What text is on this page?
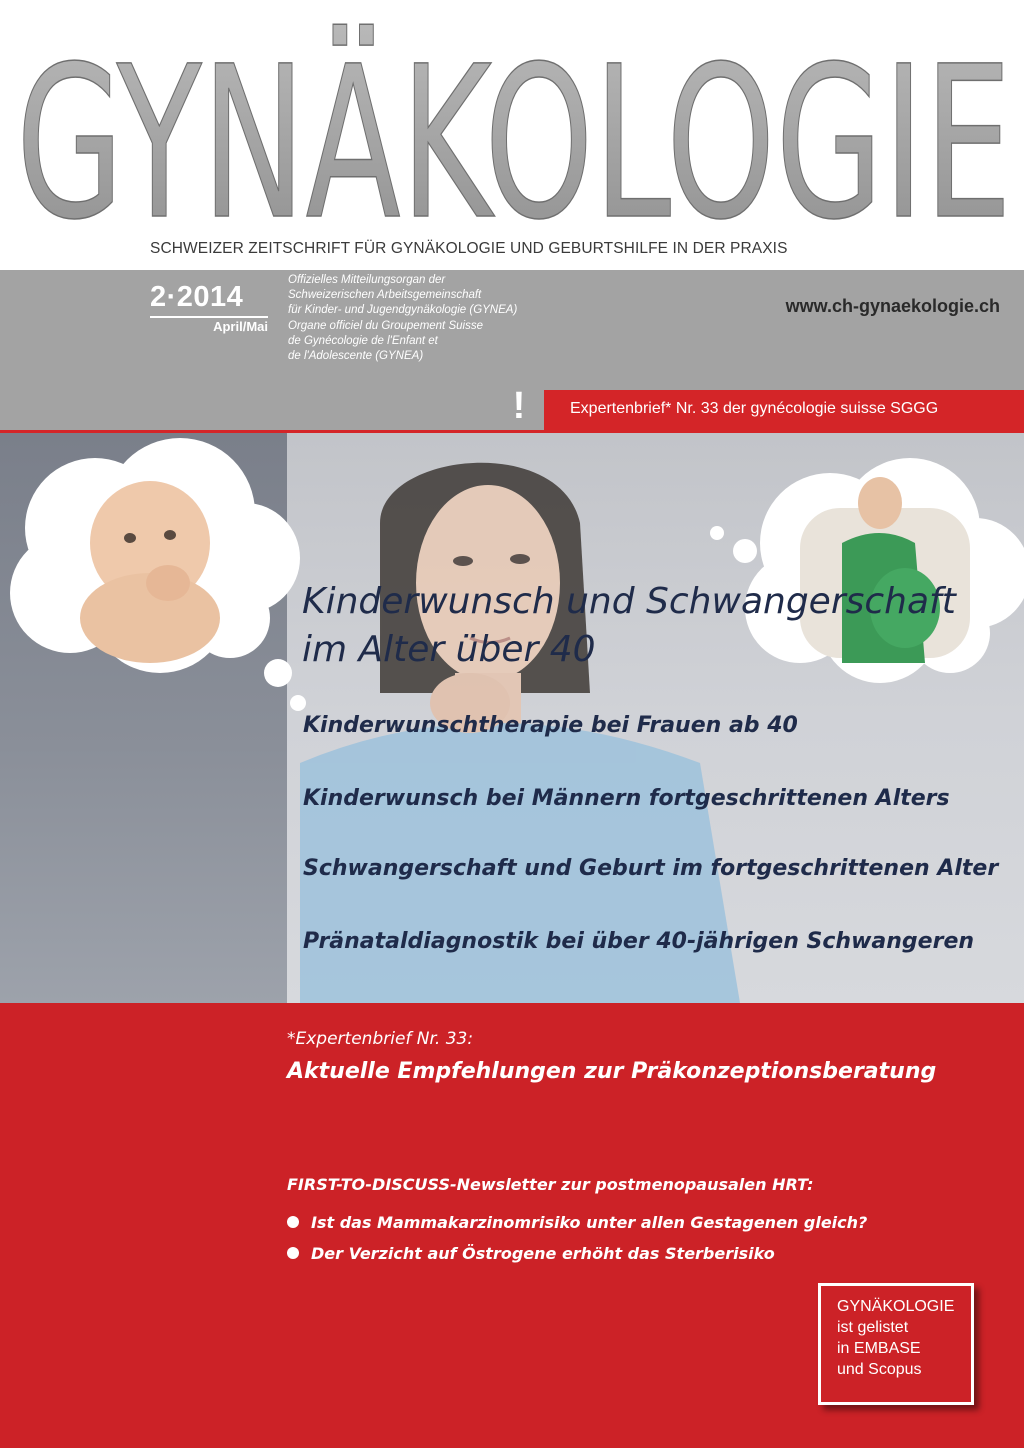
GYNÄKOLOGIE
SCHWEIZER ZEITSCHRIFT FÜR GYNÄKOLOGIE UND GEBURTSHILFE IN DER PRAXIS
2·2014
April/Mai
Offizielles Mitteilungsorgan der
Schweizerischen Arbeitsgemeinschaft
für Kinder- und Jugendgynäkologie (GYNEA)
Organe officiel du Groupement Suisse
de Gynécologie de l'Enfant et
de l'Adolescente (GYNEA)
www.ch-gynaekologie.ch
!	Expertenbrief* Nr. 33 der gynécologie suisse SGGG
Kinderwunsch und Schwangerschaft
im Alter über 40
Kinderwunschtherapie bei Frauen ab 40
Kinderwunsch bei Männern fortgeschrittenen Alters
Schwangerschaft und Geburt im fortgeschrittenen Alter
Pränataldiagnostik bei über 40-jährigen Schwangeren
*Expertenbrief Nr. 33:
Aktuelle Empfehlungen zur Präkonzeptionsberatung
FIRST-TO-DISCUSS-Newsletter zur postmenopausalen HRT:
Ist das Mammakarzinomrisiko unter allen Gestagenen gleich?
Der Verzicht auf Östrogene erhöht das Sterberisiko
GYNÄKOLOGIE
ist gelistet
in EMBASE
und Scopus
